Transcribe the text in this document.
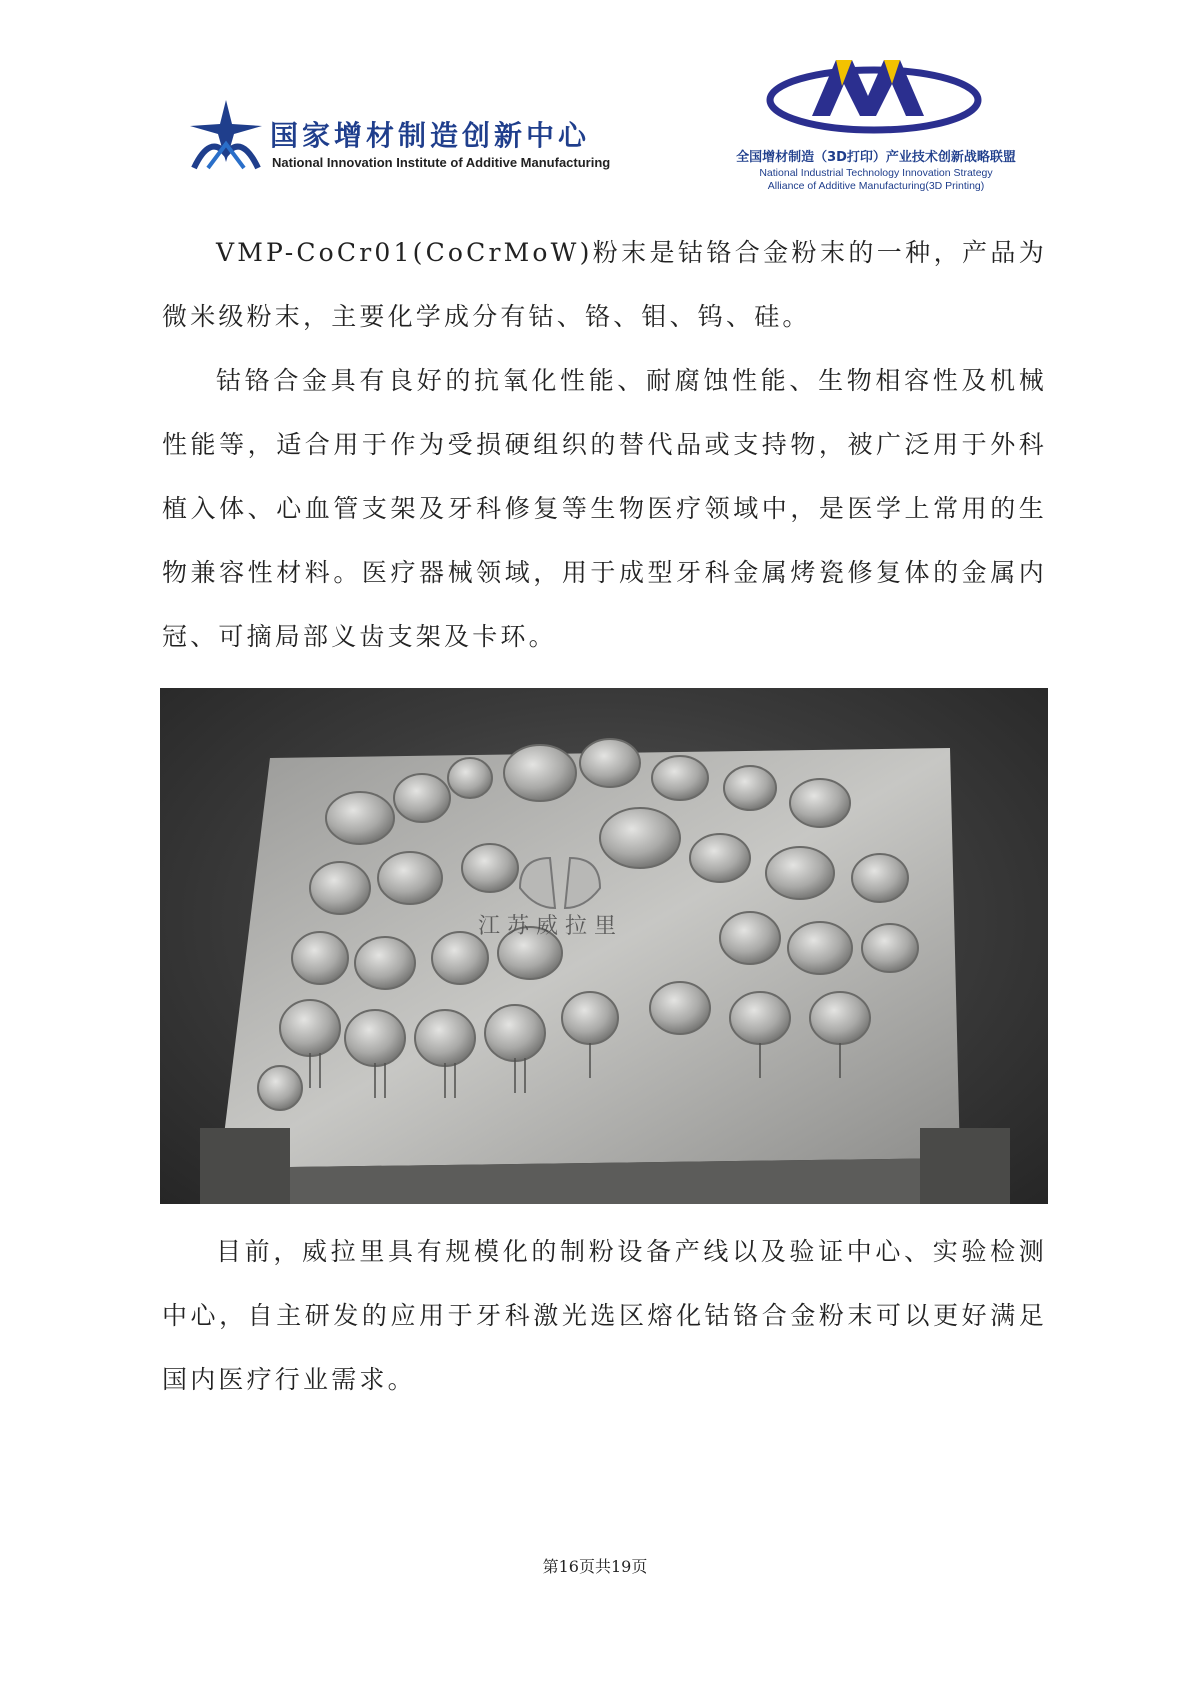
国家增材制造创新中心
National Innovation Institute of Additive Manufacturing	全国增材制造（3D打印）产业技术创新战略联盟
National Industrial Technology Innovation Strategy
Alliance of Additive Manufacturing(3D Printing)

VMP-CoCr01(CoCrMoW)粉末是钴铬合金粉末的一种，产品为微米级粉末，主要化学成分有钴、铬、钼、钨、硅。

钴铬合金具有良好的抗氧化性能、耐腐蚀性能、生物相容性及机械性能等，适合用于作为受损硬组织的替代品或支持物，被广泛用于外科植入体、心血管支架及牙科修复等生物医疗领域中，是医学上常用的生物兼容性材料。医疗器械领域，用于成型牙科金属烤瓷修复体的金属内冠、可摘局部义齿支架及卡环。

江 苏 威 拉 里

目前，威拉里具有规模化的制粉设备产线以及验证中心、实验检测中心，自主研发的应用于牙科激光选区熔化钴铬合金粉末可以更好满足国内医疗行业需求。

第16页共19页
